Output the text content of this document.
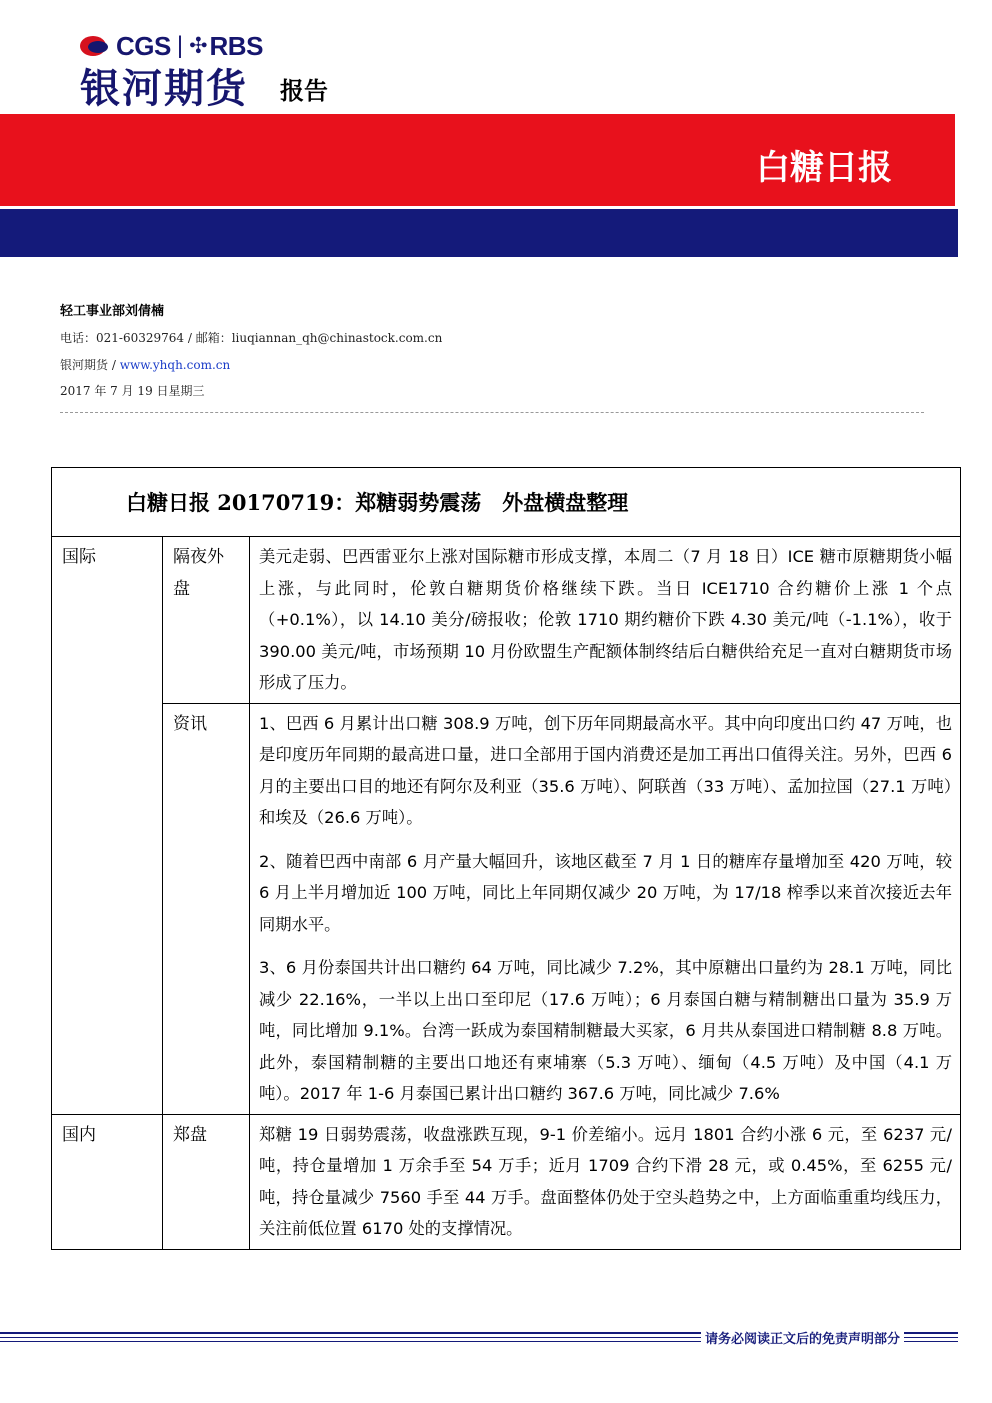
CGS | ✣ RBS
银河期货 报告
白糖日报
轻工事业部刘倩楠
电话：021-60329764 / 邮箱：liuqiannan_qh@chinastock.com.cn
银河期货 / www.yhqh.com.cn
2017 年 7 月 19 日星期三
白糖日报 20170719：郑糖弱势震荡　外盘横盘整理		
国际	隔夜外盘	美元走弱、巴西雷亚尔上涨对国际糖市形成支撑，本周二（7 月 18 日）ICE 糖市原糖期货小幅上涨，与此同时，伦敦白糖期货价格继续下跌。当日 ICE1710 合约糖价上涨 1 个点（+0.1%），以 14.10 美分/磅报收；伦敦 1710 期约糖价下跌 4.30 美元/吨（-1.1%），收于 390.00 美元/吨，市场预期 10 月份欧盟生产配额体制终结后白糖供给充足一直对白糖期货市场形成了压力。

	资讯	1、巴西 6 月累计出口糖 308.9 万吨，创下历年同期最高水平。其中向印度出口约 47 万吨，也是印度历年同期的最高进口量，进口全部用于国内消费还是加工再出口值得关注。另外，巴西 6 月的主要出口目的地还有阿尔及利亚（35.6 万吨）、阿联酋（33 万吨）、孟加拉国（27.1 万吨）和埃及（26.6 万吨）。

2、随着巴西中南部 6 月产量大幅回升，该地区截至 7 月 1 日的糖库存量增加至 420 万吨，较 6 月上半月增加近 100 万吨，同比上年同期仅减少 20 万吨，为 17/18 榨季以来首次接近去年同期水平。

3、6 月份泰国共计出口糖约 64 万吨，同比减少 7.2%，其中原糖出口量约为 28.1 万吨，同比减少 22.16%，一半以上出口至印尼（17.6 万吨）；6 月泰国白糖与精制糖出口量为 35.9 万吨，同比增加 9.1%。台湾一跃成为泰国精制糖最大买家，6 月共从泰国进口精制糖 8.8 万吨。此外，泰国精制糖的主要出口地还有柬埔寨（5.3 万吨）、缅甸（4.5 万吨）及中国（4.1 万吨）。2017 年 1-6 月泰国已累计出口糖约 367.6 万吨，同比减少 7.6%

国内	郑盘	郑糖 19 日弱势震荡，收盘涨跌互现，9-1 价差缩小。远月 1801 合约小涨 6 元，至 6237 元/吨，持仓量增加 1 万余手至 54 万手；近月 1709 合约下滑 28 元，或 0.45%，至 6255 元/吨，持仓量减少 7560 手至 44 万手。盘面整体仍处于空头趋势之中，上方面临重重均线压力，关注前低位置 6170 处的支撑情况。

请务必阅读正文后的免责声明部分
